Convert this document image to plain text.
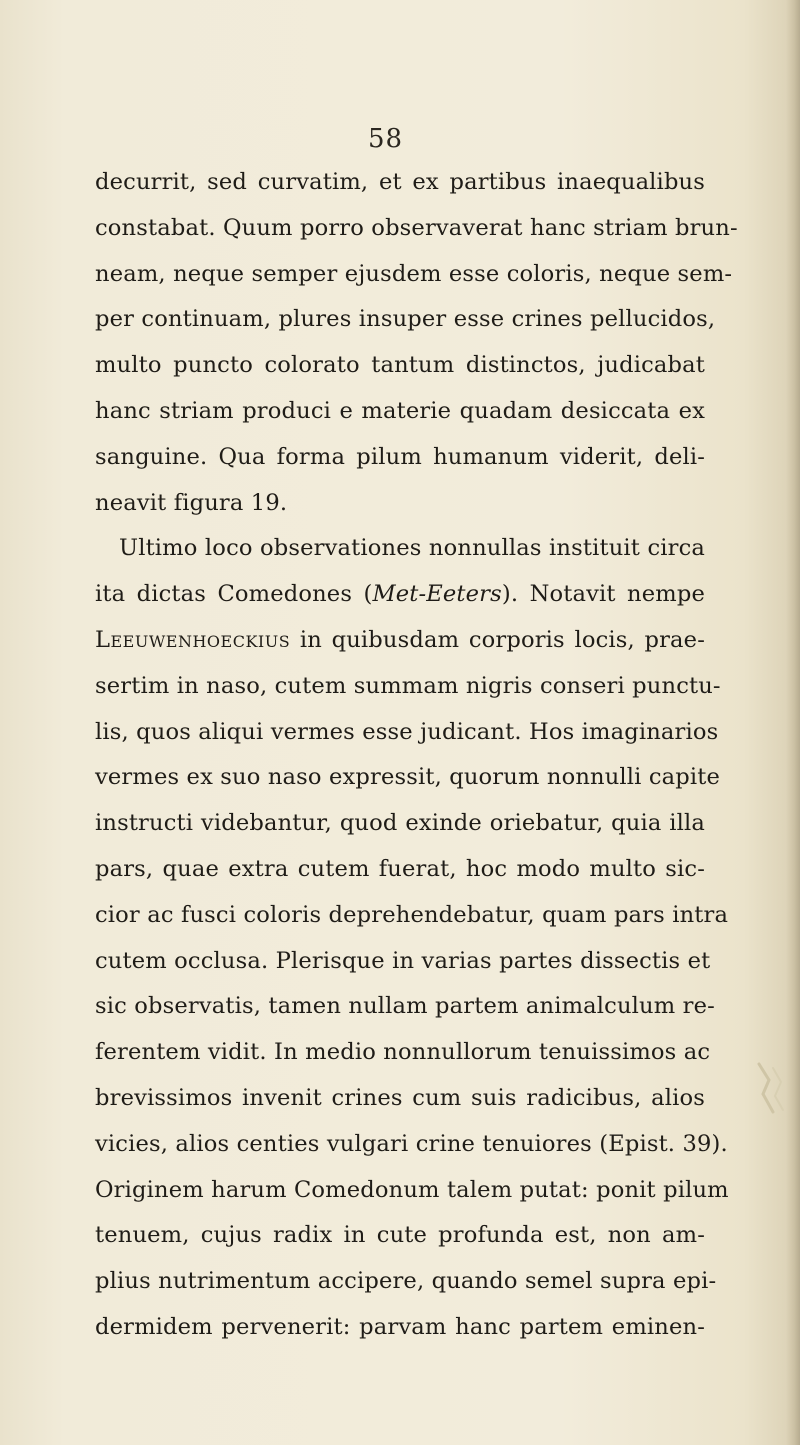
58
decurrit, sed curvatim, et ex partibus inaequalibus
constabat. Quum porro observaverat hanc striam brun-
neam, neque semper ejusdem esse coloris, neque sem-
per continuam, plures insuper esse crines pellucidos,
multo puncto colorato tantum distinctos, judicabat
hanc striam produci e materie quadam desiccata ex
sanguine. Qua forma pilum humanum viderit, deli-
neavit figura 19.
Ultimo loco observationes nonnullas instituit circa
ita dictas Comedones (Met-Eeters). Notavit nempe
Leeuwenhoeckius in quibusdam corporis locis, prae-
sertim in naso, cutem summam nigris conseri punctu-
lis, quos aliqui vermes esse judicant. Hos imaginarios
vermes ex suo naso expressit, quorum nonnulli capite
instructi videbantur, quod exinde oriebatur, quia illa
pars, quae extra cutem fuerat, hoc modo multo sic-
cior ac fusci coloris deprehendebatur, quam pars intra
cutem occlusa. Plerisque in varias partes dissectis et
sic observatis, tamen nullam partem animalculum re-
ferentem vidit. In medio nonnullorum tenuissimos ac
brevissimos invenit crines cum suis radicibus, alios
vicies, alios centies vulgari crine tenuiores (Epist. 39).
Originem harum Comedonum talem putat: ponit pilum
tenuem, cujus radix in cute profunda est, non am-
plius nutrimentum accipere, quando semel supra epi-
dermidem pervenerit: parvam hanc partem eminen-
